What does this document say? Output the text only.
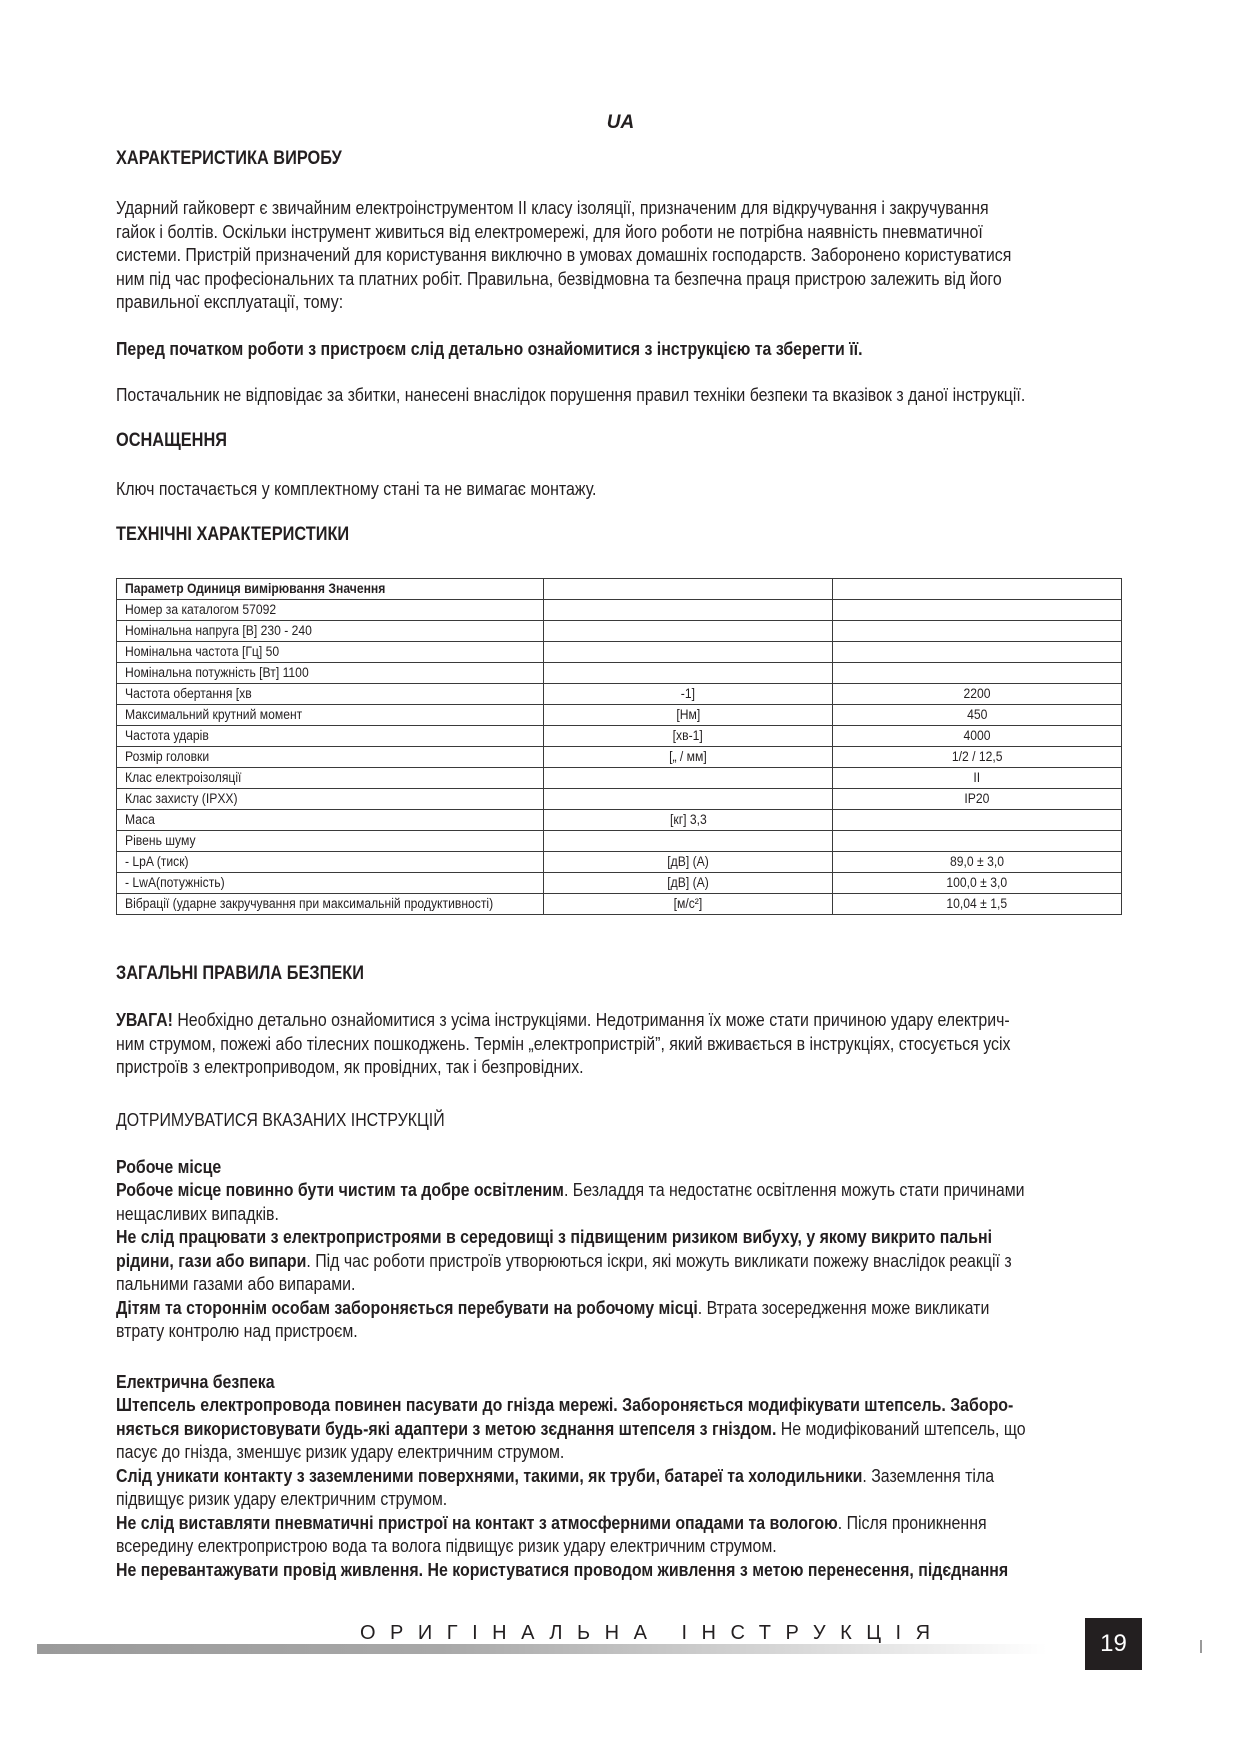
UA
ХАРАКТЕРИСТИКА ВИРОБУ
Ударний гайковерт є звичайним електроінструментом II класу ізоляції, призначеним для відкручування і закручування
гайок і болтів. Оскільки інструмент живиться від електромережі, для його роботи не потрібна наявність пневматичної
системи. Пристрій призначений для користування виключно в умовах домашніх господарств. Заборонено користуватися
ним під час професіональних та платних робіт. Правильна, безвідмовна та безпечна праця пристрою залежить від його
правильної експлуатації, тому:
Перед початком роботи з пристроєм слід детально ознайомитися з інструкцією та зберегти її.
Постачальник не відповідає за збитки, нанесені внаслідок порушення правил техніки безпеки та вказівок з даної інструкції.
ОСНАЩЕННЯ
Ключ постачається у комплектному стані та не вимагає монтажу.
ТЕХНІЧНІ ХАРАКТЕРИСТИКИ
Параметр Одиниця вимірювання Значення		
Номер за каталогом 57092		
Номінальна напруга [В] 230 - 240		
Номінальна частота [Гц] 50		
Номінальна потужність [Вт] 1100		
Частота обертання [хв	-1]	2200
Максимальний крутний момент	[Нм]	450
Частота ударів	[хв-1]	4000
Розмір головки	[„ / мм]	1/2 / 12,5
Клас електроізоляції		II
Клас захисту (IPXX)		IP20
Маса	[кг] 3,3	
Рівень шуму		
- LpA (тиск)	[дВ] (А)	89,0 ± 3,0
- LwA(потужність)	[дВ] (А)	100,0 ± 3,0
Вібрації (ударне закручування при максимальній продуктивності)	[м/с²]	10,04 ± 1,5
ЗАГАЛЬНІ ПРАВИЛА БЕЗПЕКИ
УВАГА! Необхідно детально ознайомитися з усіма інструкціями. Недотримання їх може стати причиною удару електрич-
ним струмом, пожежі або тілесних пошкоджень. Термін „електропристрій”, який вживається в інструкціях, стосується усіх
пристроїв з електроприводом, як провідних, так і безпровідних.
ДОТРИМУВАТИСЯ ВКАЗАНИХ ІНСТРУКЦІЙ
Робоче місце
Робоче місце повинно бути чистим та добре освітленим. Безладдя та недостатнє освітлення можуть стати причинами
нещасливих випадків.
Не слід працювати з електропристроями в середовищі з підвищеним ризиком вибуху, у якому викрито пальні
рідини, гази або випари. Під час роботи пристроїв утворюються іскри, які можуть викликати пожежу внаслідок реакції з
пальними газами або випарами.
Дітям та стороннім особам забороняється перебувати на робочому місці. Втрата зосередження може викликати
втрату контролю над пристроєм.
Електрична безпека
Штепсель електропровода повинен пасувати до гнізда мережі. Забороняється модифікувати штепсель. Заборо-
няється використовувати будь-які адаптери з метою зєднання штепселя з гніздом. Не модифікований штепсель, що
пасує до гнізда, зменшує ризик удару електричним струмом.
Слід уникати контакту з заземленими поверхнями, такими, як труби, батареї та холодильники. Заземлення тіла
підвищує ризик удару електричним струмом.
Не слід виставляти пневматичні пристрої на контакт з атмосферними опадами та вологою. Після проникнення
всередину електропристрою вода та волога підвищує ризик удару електричним струмом.
Не перевантажувати провід живлення. Не користуватися проводом живлення з метою перенесення, підєднання
ОРИГІНАЛЬНА ІНСТРУКЦІЯ	19
